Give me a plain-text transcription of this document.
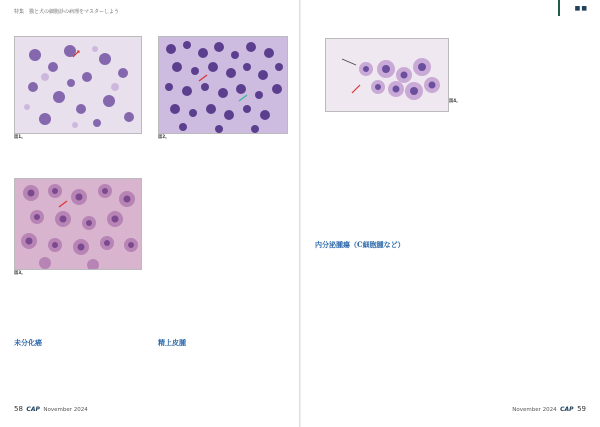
特集　猫と犬の細胞診の病理をマスターしよう
図1。	図2。
図3。

未分化癌	精上皮腫

58 CAP November 2024
■■
図4。

内分泌腫瘍（C細胞腫など）

November 2024 CAP 59
